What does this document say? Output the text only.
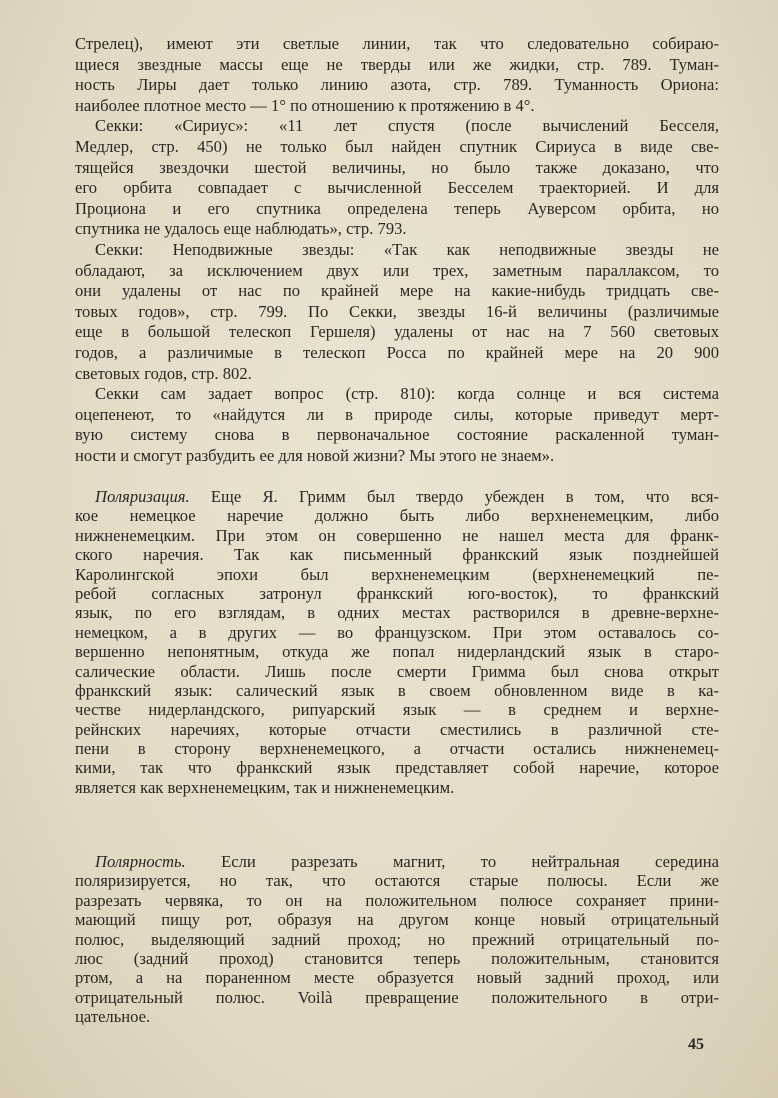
Стрелец), имеют эти светлые линии, так что следовательно собираю-
щиеся звездные массы еще не тверды или же жидки, стр. 789. Туман-
ность Лиры дает только линию азота, стр. 789. Туманность Ориона:
наиболее плотное место — 1° по отношению к протяжению в 4°.
Секки: «Сириус»: «11 лет спустя (после вычислений Бесселя,
Медлер, стр. 450) не только был найден спутник Сириуса в виде све-
тящейся звездочки шестой величины, но было также доказано, что
его орбита совпадает с вычисленной Бесселем траекторией. И для
Проциона и его спутника определена теперь Ауверсом орбита, но
спутника не удалось еще наблюдать», стр. 793.
Секки: Неподвижные звезды: «Так как неподвижные звезды не
обладают, за исключением двух или трех, заметным параллаксом, то
они удалены от нас по крайней мере на какие-нибудь тридцать све-
товых годов», стр. 799. По Секки, звезды 16-й величины (различимые
еще в большой телескоп Гершеля) удалены от нас на 7 560 световых
годов, а различимые в телескоп Росса по крайней мере на 20 900
световых годов, стр. 802.
Секки сам задает вопрос (стр. 810): когда солнце и вся система
оцепенеют, то «найдутся ли в природе силы, которые приведут мерт-
вую систему снова в первоначальное состояние раскаленной туман-
ности и смогут разбудить ее для новой жизни? Мы этого не знаем».
Поляризация. Еще Я. Гримм был твердо убежден в том, что вся-
кое немецкое наречие должно быть либо верхненемецким, либо
нижненемецким. При этом он совершенно не нашел места для франк-
ского наречия. Так как письменный франкский язык позднейшей
Каролингской эпохи был верхненемецким (верхненемецкий пе-
ребой согласных затронул франкский юго-восток), то франкский
язык, по его взглядам, в одних местах растворился в древне-верхне-
немецком, а в других — во французском. При этом оставалось со-
вершенно непонятным, откуда же попал нидерландский язык в старо-
салические области. Лишь после смерти Гримма был снова открыт
франкский язык: салический язык в своем обновленном виде в ка-
честве нидерландского, рипуарский язык — в среднем и верхне-
рейнских наречиях, которые отчасти сместились в различной сте-
пени в сторону верхненемецкого, а отчасти остались нижненемец-
кими, так что франкский язык представляет собой наречие, которое
является как верхненемецким, так и нижненемецким.
Полярность. Если разрезать магнит, то нейтральная середина
поляризируется, но так, что остаются старые полюсы. Если же
разрезать червяка, то он на положительном полюсе сохраняет прини-
мающий пищу рот, образуя на другом конце новый отрицательный
полюс, выделяющий задний проход; но прежний отрицательный по-
люс (задний проход) становится теперь положительным, становится
ртом, а на пораненном месте образуется новый задний проход, или
отрицательный полюс. Voilà превращение положительного в отри-
цательное.
45
